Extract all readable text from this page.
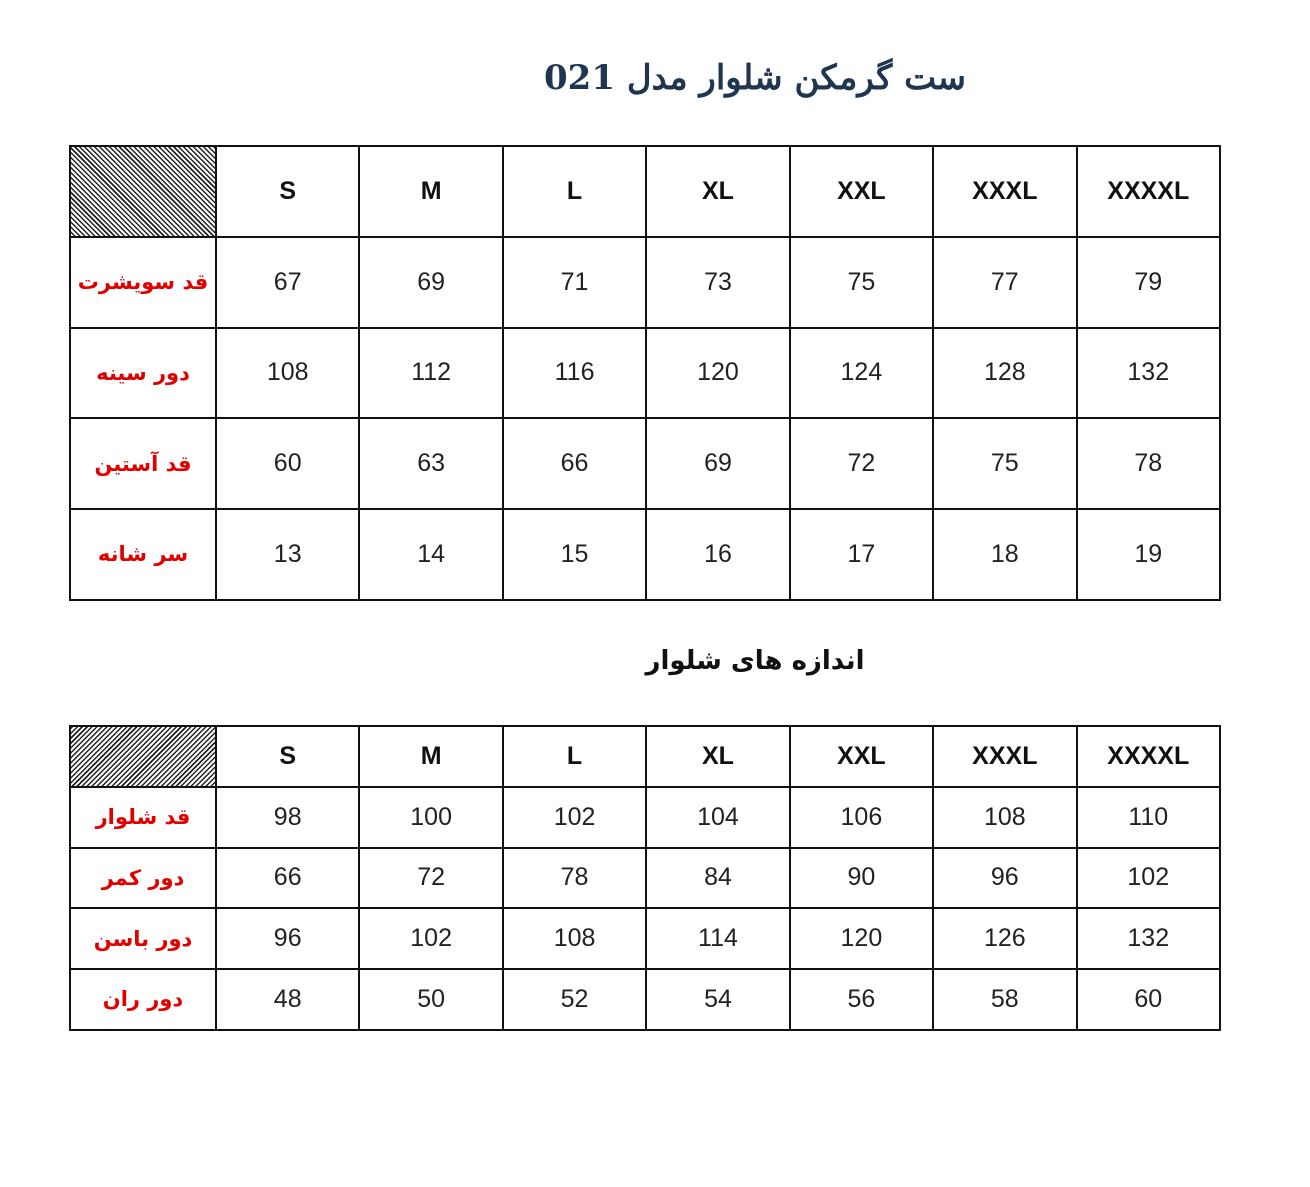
ست گرمکن شلوار مدل 021
	S	M	L	XL	XXL	XXXL	XXXXL
قد سویشرت	67	69	71	73	75	77	79
دور سینه	108	112	116	120	124	128	132
قد آستین	60	63	66	69	72	75	78
سر شانه	13	14	15	16	17	18	19
اندازه های شلوار
	S	M	L	XL	XXL	XXXL	XXXXL
قد شلوار	98	100	102	104	106	108	110
دور کمر	66	72	78	84	90	96	102
دور باسن	96	102	108	114	120	126	132
دور ران	48	50	52	54	56	58	60
